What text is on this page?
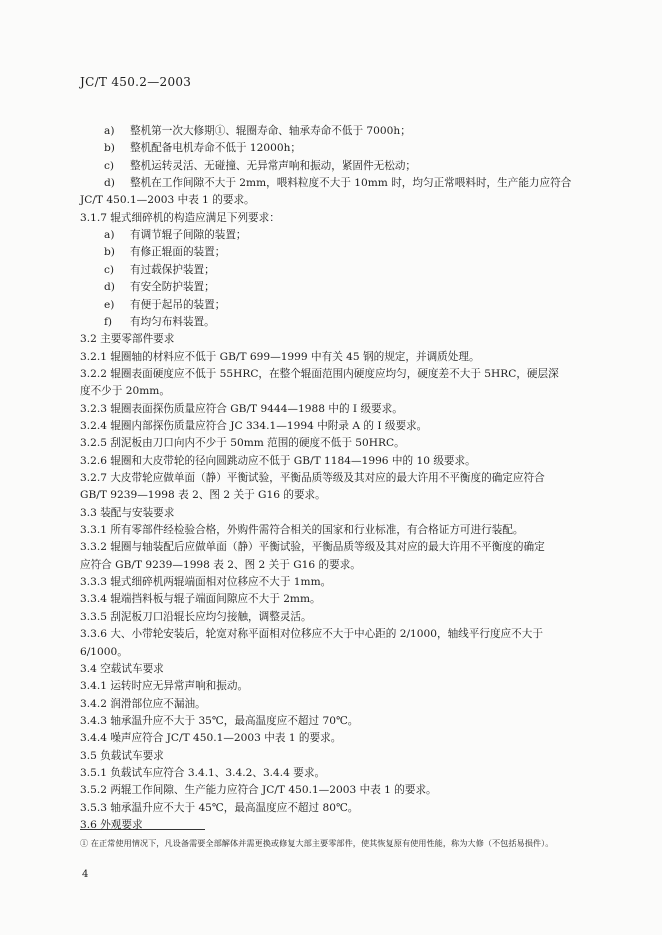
JC/T 450.2—2003
a) 整机第一次大修期①、辊圈寿命、轴承寿命不低于 7000h；
b) 整机配备电机寿命不低于 12000h；
c) 整机运转灵活、无碰撞、无异常声响和振动，紧固件无松动；
d) 整机在工作间隙不大于 2mm，喂料粒度不大于 10mm 时，均匀正常喂料时，生产能力应符合
JC/T 450.1—2003 中表 1 的要求。
3.1.7 辊式细碎机的构造应满足下列要求：
a) 有调节辊子间隙的装置；
b) 有修正辊面的装置；
c) 有过载保护装置；
d) 有安全防护装置；
e) 有便于起吊的装置；
f) 有均匀布料装置。
3.2 主要零部件要求
3.2.1 辊圈轴的材料应不低于 GB/T 699—1999 中有关 45 钢的规定，并调质处理。
3.2.2 辊圈表面硬度应不低于 55HRC，在整个辊面范围内硬度应均匀，硬度差不大于 5HRC，硬层深
度不少于 20mm。
3.2.3 辊圈表面探伤质量应符合 GB/T 9444—1988 中的 Ⅰ 级要求。
3.2.4 辊圈内部探伤质量应符合 JC 334.1—1994 中附录 A 的 Ⅰ 级要求。
3.2.5 刮泥板由刀口向内不少于 50mm 范围的硬度不低于 50HRC。
3.2.6 辊圈和大皮带轮的径向圆跳动应不低于 GB/T 1184—1996 中的 10 级要求。
3.2.7 大皮带轮应做单面（静）平衡试验，平衡品质等级及其对应的最大许用不平衡度的确定应符合
GB/T 9239—1998 表 2、图 2 关于 G16 的要求。
3.3 装配与安装要求
3.3.1 所有零部件经检验合格，外购件需符合相关的国家和行业标准，有合格证方可进行装配。
3.3.2 辊圈与轴装配后应做单面（静）平衡试验，平衡品质等级及其对应的最大许用不平衡度的确定
应符合 GB/T 9239—1998 表 2、图 2 关于 G16 的要求。
3.3.3 辊式细碎机两辊端面相对位移应不大于 1mm。
3.3.4 辊端挡料板与辊子端面间隙应不大于 2mm。
3.3.5 刮泥板刀口沿辊长应均匀接触，调整灵活。
3.3.6 大、小带轮安装后，轮宽对称平面相对位移应不大于中心距的 2/1000，轴线平行度应不大于
6/1000。
3.4 空载试车要求
3.4.1 运转时应无异常声响和振动。
3.4.2 润滑部位应不漏油。
3.4.3 轴承温升应不大于 35℃，最高温度应不超过 70℃。
3.4.4 噪声应符合 JC/T 450.1—2003 中表 1 的要求。
3.5 负载试车要求
3.5.1 负载试车应符合 3.4.1、3.4.2、3.4.4 要求。
3.5.2 两辊工作间隙、生产能力应符合 JC/T 450.1—2003 中表 1 的要求。
3.5.3 轴承温升应不大于 45℃，最高温度应不超过 80℃。
3.6 外观要求
① 在正常使用情况下，凡设备需要全部解体并需更换或修复大部主要零部件，使其恢复原有使用性能，称为大修（不包括易损件）。
4
